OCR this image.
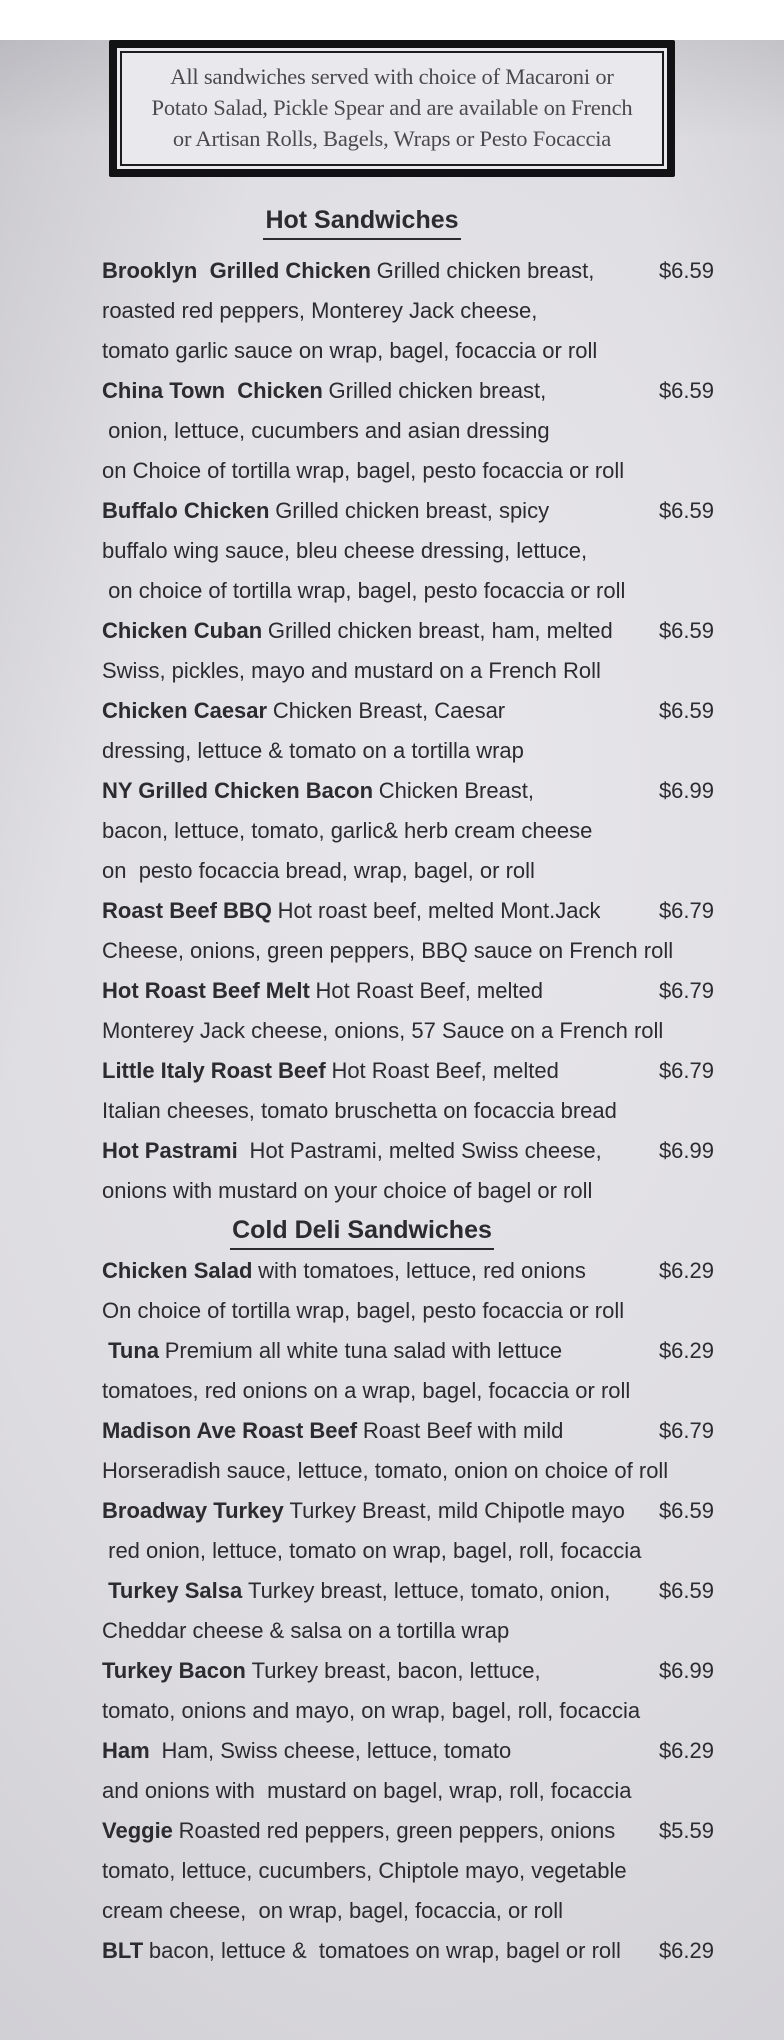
All sandwiches served with choice of Macaroni or
Potato Salad, Pickle Spear and are available on French
or Artisan Rolls, Bagels, Wraps or Pesto Focaccia
Hot Sandwiches
Brooklyn  Grilled Chicken Grilled chicken breast,	$6.59
roasted red peppers, Monterey Jack cheese,
tomato garlic sauce on wrap, bagel, focaccia or roll
China Town  Chicken Grilled chicken breast,	$6.59
onion, lettuce, cucumbers and asian dressing
on Choice of tortilla wrap, bagel, pesto focaccia or roll
Buffalo Chicken Grilled chicken breast, spicy	$6.59
buffalo wing sauce, bleu cheese dressing, lettuce,
on choice of tortilla wrap, bagel, pesto focaccia or roll
Chicken Cuban Grilled chicken breast, ham, melted $6.59
Swiss, pickles, mayo and mustard on a French Roll
Chicken Caesar Chicken Breast, Caesar	$6.59
dressing, lettuce & tomato on a tortilla wrap
NY Grilled Chicken Bacon Chicken Breast,	$6.99
bacon, lettuce, tomato, garlic& herb cream cheese
on  pesto focaccia bread, wrap, bagel, or roll
Roast Beef BBQ Hot roast beef, melted Mont.Jack	$6.79
Cheese, onions, green peppers, BBQ sauce on French roll
Hot Roast Beef Melt Hot Roast Beef, melted	$6.79
Monterey Jack cheese, onions, 57 Sauce on a French roll
Little Italy Roast Beef Hot Roast Beef, melted	$6.79
Italian cheeses, tomato bruschetta on focaccia bread
Hot Pastrami Hot Pastrami, melted Swiss cheese,	$6.99
onions with mustard on your choice of bagel or roll
Cold Deli Sandwiches
Chicken Salad with tomatoes, lettuce, red onions	$6.29
On choice of tortilla wrap, bagel, pesto focaccia or roll
Tuna Premium all white tuna salad with lettuce	$6.29
tomatoes, red onions on a wrap, bagel, focaccia or roll
Madison Ave Roast Beef Roast Beef with mild	$6.79
Horseradish sauce, lettuce, tomato, onion on choice of roll
Broadway Turkey Turkey Breast, mild Chipotle mayo $6.59
red onion, lettuce, tomato on wrap, bagel, roll, focaccia
Turkey Salsa Turkey breast, lettuce, tomato, onion, $6.59
Cheddar cheese & salsa on a tortilla wrap
Turkey Bacon Turkey breast, bacon, lettuce,	$6.99
tomato, onions and mayo, on wrap, bagel, roll, focaccia
Ham Ham, Swiss cheese, lettuce, tomato	$6.29
and onions with  mustard on bagel, wrap, roll, focaccia
Veggie Roasted red peppers, green peppers, onions $5.59
tomato, lettuce, cucumbers, Chiptole mayo, vegetable
cream cheese,  on wrap, bagel, focaccia, or roll
BLT bacon, lettuce &  tomatoes on wrap, bagel or roll $6.29
